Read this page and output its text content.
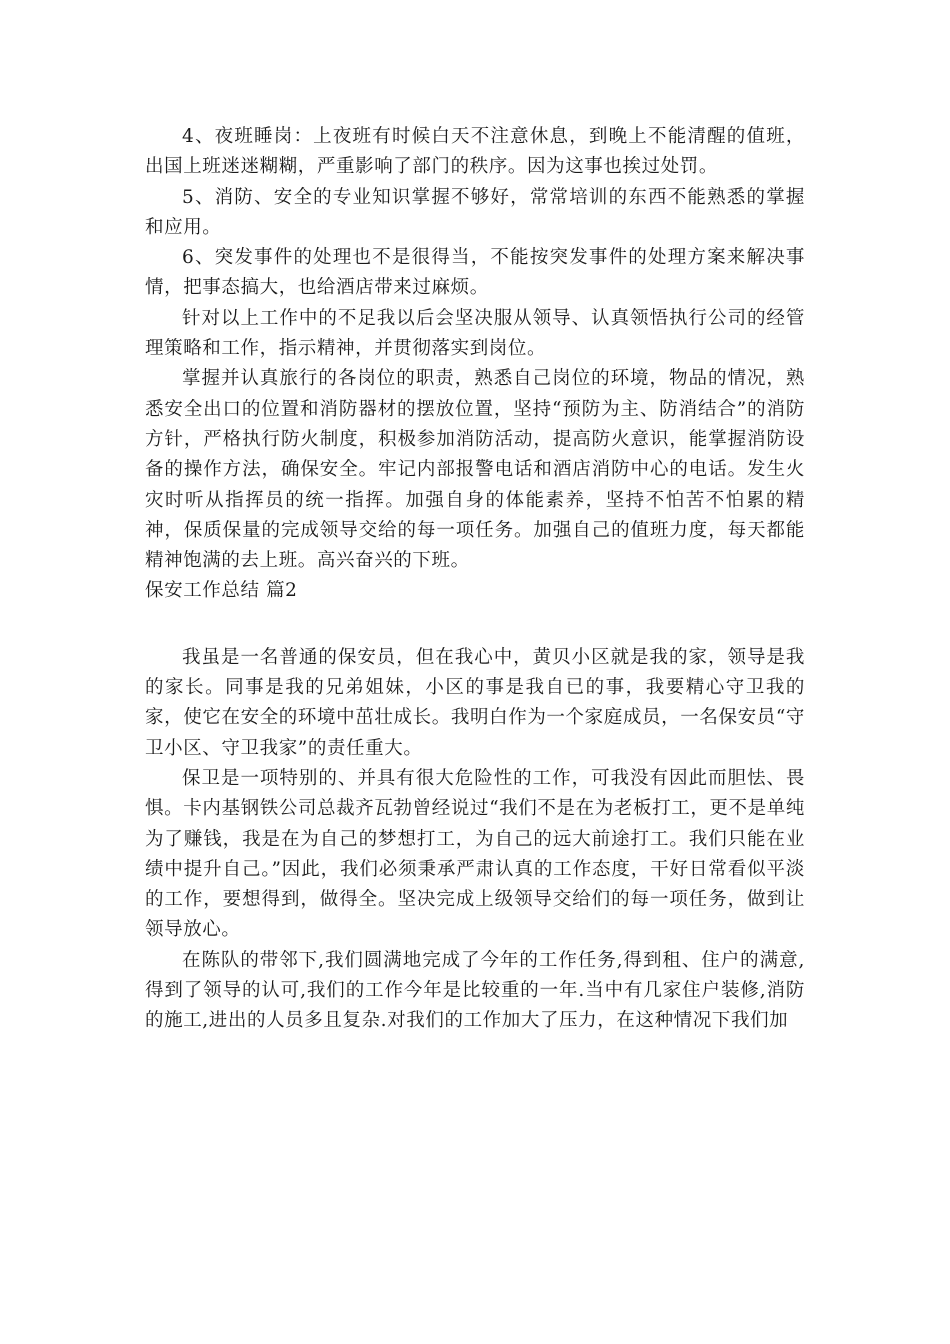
4、夜班睡岗：上夜班有时候白天不注意休息，到晚上不能清醒的值班，出国上班迷迷糊糊，严重影响了部门的秩序。因为这事也挨过处罚。

5、消防、安全的专业知识掌握不够好，常常培训的东西不能熟悉的掌握和应用。

6、突发事件的处理也不是很得当，不能按突发事件的处理方案来解决事情，把事态搞大，也给酒店带来过麻烦。

针对以上工作中的不足我以后会坚决服从领导、认真领悟执行公司的经管理策略和工作，指示精神，并贯彻落实到岗位。

掌握并认真旅行的各岗位的职责，熟悉自己岗位的环境，物品的情况，熟悉安全出口的位置和消防器材的摆放位置，坚持“预防为主、防消结合”的消防方针，严格执行防火制度，积极参加消防活动，提高防火意识，能掌握消防设备的操作方法，确保安全。牢记内部报警电话和酒店消防中心的电话。发生火灾时听从指挥员的统一指挥。加强自身的体能素养，坚持不怕苦不怕累的精神，保质保量的完成领导交给的每一项任务。加强自己的值班力度，每天都能精神饱满的去上班。高兴奋兴的下班。

保安工作总结 篇2

我虽是一名普通的保安员，但在我心中，黄贝小区就是我的家，领导是我的家长。同事是我的兄弟姐妹，小区的事是我自已的事，我要精心守卫我的家，使它在安全的环境中茁壮成长。我明白作为一个家庭成员，一名保安员“守卫小区、守卫我家”的责任重大。

保卫是一项特别的、并具有很大危险性的工作，可我没有因此而胆怯、畏惧。卡内基钢铁公司总裁齐瓦勃曾经说过“我们不是在为老板打工，更不是单纯为了赚钱，我是在为自己的梦想打工，为自己的远大前途打工。我们只能在业绩中提升自己。”因此，我们必须秉承严肃认真的工作态度，干好日常看似平淡的工作，要想得到，做得全。坚决完成上级领导交给们的每一项任务，做到让领导放心。

在陈队的带邻下,我们圆满地完成了今年的工作任务,得到租、住户的满意,得到了领导的认可,我们的工作今年是比较重的一年.当中有几家住户装修,消防的施工,进出的人员多且复杂.对我们的工作加大了压力，在这种情况下我们加
